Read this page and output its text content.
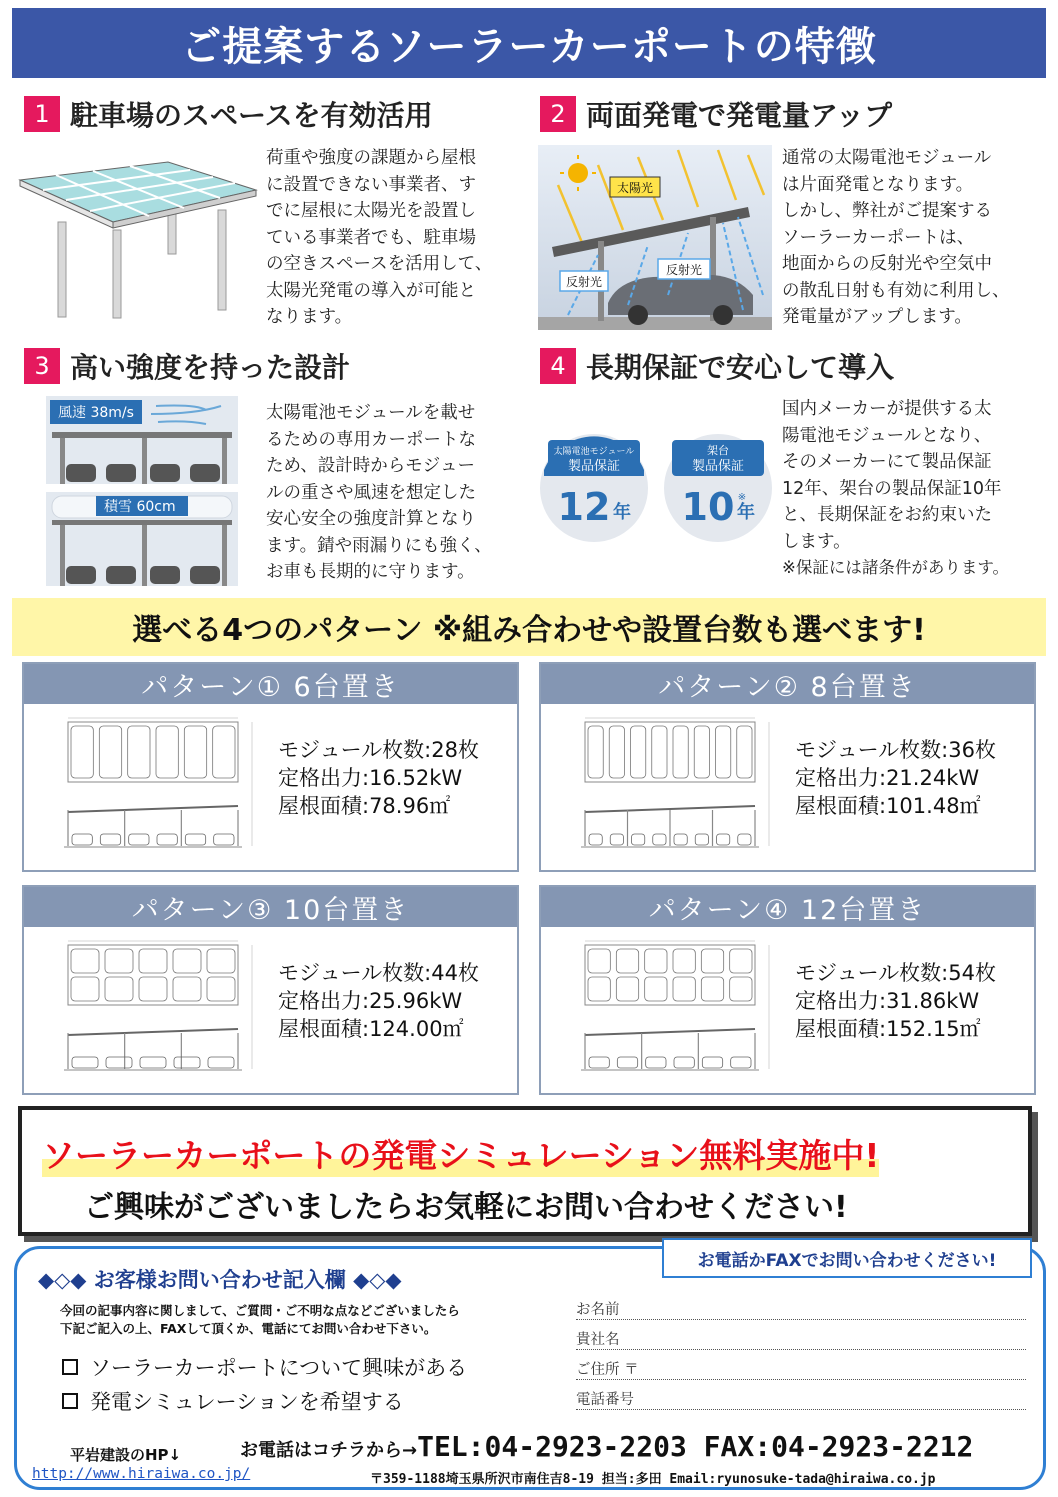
ご提案するソーラーカーポートの特徴
1 駐車場のスペースを有効活用
荷重や強度の課題から屋根
に設置できない事業者、す
でに屋根に太陽光を設置し
ている事業者でも、駐車場
の空きスペースを活用して、
太陽光発電の導入が可能と
なります。
2 両面発電で発電量アップ
太陽光
反射光
反射光
通常の太陽電池モジュール
は片面発電となります。
しかし、弊社がご提案する
ソーラーカーポートは、
地面からの反射光や空気中
の散乱日射も有効に利用し、
発電量がアップします。
3 高い強度を持った設計
風速 38m/s
積雪 60cm
太陽電池モジュールを載せ
るための専用カーポートな
ため、設計時からモジュー
ルの重さや風速を想定した
安心安全の強度計算となり
ます。錆や雨漏りにも強く、
お車も長期的に守ります。
4 長期保証で安心して導入
太陽電池モジュール
製品保証
12 年
架台
製品保証
10 ※
年
国内メーカーが提供する太
陽電池モジュールとなり、
そのメーカーにて製品保証
12年、架台の製品保証10年
と、長期保証をお約束いた
します。
※保証には諸条件があります。
選べる4つのパターン ※組み合わせや設置台数も選べます!
パターン① 6台置き
モジュール枚数:28枚
定格出力:16.52kW
屋根面積:78.96㎡
パターン② 8台置き
モジュール枚数:36枚
定格出力:21.24kW
屋根面積:101.48㎡
パターン③ 10台置き
モジュール枚数:44枚
定格出力:25.96kW
屋根面積:124.00㎡
パターン④ 12台置き
モジュール枚数:54枚
定格出力:31.86kW
屋根面積:152.15㎡
ソーラーカーポートの発電シミュレーション無料実施中!
ご興味がございましたらお気軽にお問い合わせください!
お電話かFAXでお問い合わせください!
◆◇◆ お客様お問い合わせ記入欄 ◆◇◆
今回の記事内容に関しまして、ご質問・ご不明な点などございましたら
下記ご記入の上、FAXして頂くか、電話にてお問い合わせ下さい。
ソーラーカーポートについて興味がある
発電シミュレーションを希望する
お名前
貴社名
ご住所 〒
電話番号
平岩建設のHP↓
http://www.hiraiwa.co.jp/
お電話はコチラから→ TEL:04-2923-2203 FAX:04-2923-2212
〒359-1188埼玉県所沢市南住吉8-19 担当:多田 Email:ryunosuke-tada@hiraiwa.co.jp
